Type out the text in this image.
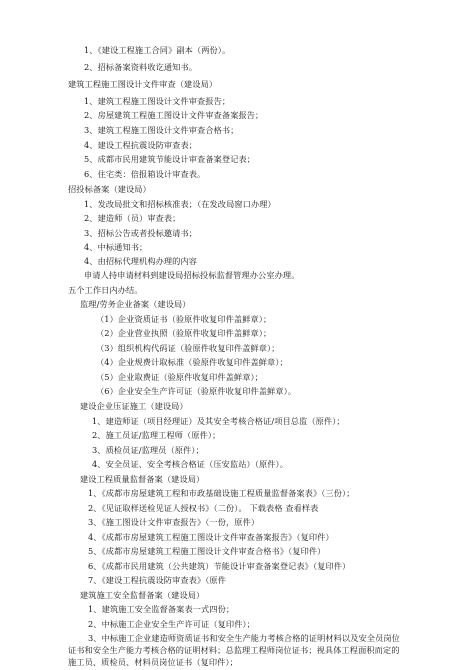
1、《建设工程施工合同》副本（两份）。
2、招标备案资料收讫通知书。
建筑工程施工图设计文件审查（建设局）
1、建筑工程施工图设计文件审查报告；
2、房屋建筑工程施工图设计文件审查备案报告；
3、建筑工程施工图设计文件审查合格书；
4、建设工程抗震设防审查表；
5、成都市民用建筑节能设计审查备案登记表；
6、住宅类：倍报箱设计审查表。
招投标备案（建设局）
1、发改局批文和招标核准表；（在发改局窗口办理）
2、建造师（员）审查表；
3、招标公告或者投标邀请书；
4、中标通知书；
4、由招标代理机构办理的内容
申请人持申请材料到建设局招标投标监督管理办公室办理。
五个工作日内办结。
监理/劳务企业备案（建设局）
（1）企业资质证书（验原件收复印件盖鲜章）；
（2）企业营业执照（验原件收复印件盖鲜章）；
（3）组织机构代码证（验原件收复印件盖鲜章）；
（4）企业规费计取标准（验原件收复印件盖鲜章）；
（5）企业取费证（验原件收复印件盖鲜章）；
（6）企业安全生产许可证（验原件收复印件盖鲜章）。
建设企业压证施工（建设局）
1、建造师证（项目经理证）及其安全考核合格证/项目总监（原件）；
2、施工员证/监理工程师（原件）；
3、质检员证/监理员（原件）；
4、安全员证、安全考核合格证（压安监站）（原件）。
建设工程质量监督备案（建设局）
1、《成都市房屋建筑工程和市政基础设施工程质量监督备案表》（三份）；
2、《见证取样送检见证人授权书》（二份）。 下载表格 查看样表
3、《施工图设计文件审查报告》（一份，原件）
4、《成都市房屋建筑工程施工图设计文件审查备案报告》（复印件）
5、《成都市房屋建筑工程施工图设计文件审查合格书》（复印件）
6、《成都市民用建筑（公共建筑）节能设计审查备案登记表》（复印件）
7、《建设工程抗震设防审查表》（原件
建筑施工安全监督备案（建设局）
1、建筑施工安全监督备案表一式四份；
2、中标施工企业安全生产许可证（复印件）；
3、中标施工企业建造师资质证书和安全生产能力考核合格的证明材料以及安全员岗位
证书和安全生产能力考核合格的证明材料；总监理工程师岗位证书；视具体工程面积而定的
施工员、质检员、材料员岗位证书（复印件）；
